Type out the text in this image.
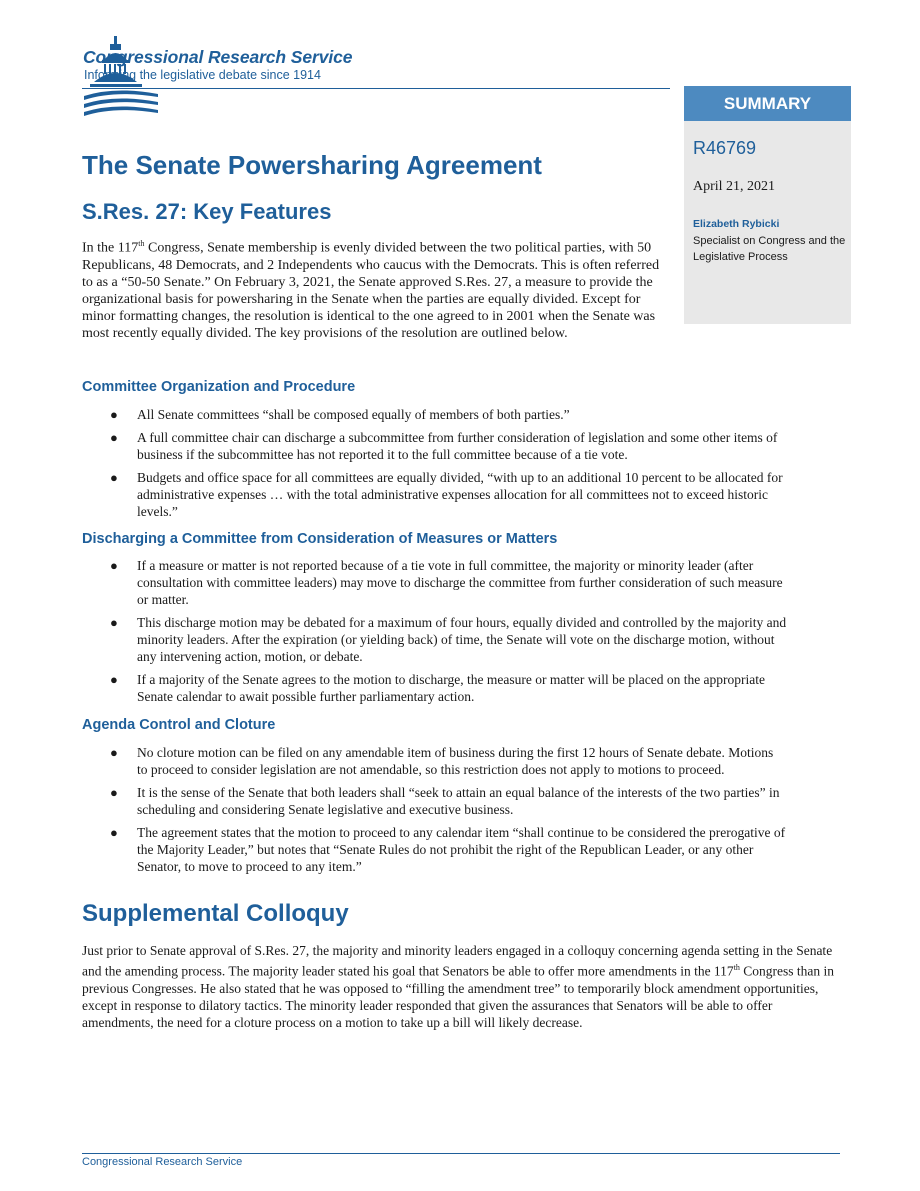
Congressional Research Service
Informing the legislative debate since 1914
SUMMARY
R46769
April 21, 2021
Elizabeth Rybicki
Specialist on Congress and the Legislative Process
The Senate Powersharing Agreement
S.Res. 27: Key Features

In the 117th Congress, Senate membership is evenly divided between the two political parties, with 50 Republicans, 48 Democrats, and 2 Independents who caucus with the Democrats. This is often referred to as a “50-50 Senate.” On February 3, 2021, the Senate approved S.Res. 27, a measure to provide the organizational basis for powersharing in the Senate when the parties are equally divided. Except for minor formatting changes, the resolution is identical to the one agreed to in 2001 when the Senate was most recently equally divided. The key provisions of the resolution are outlined below.

Committee Organization and Procedure
● All Senate committees “shall be composed equally of members of both parties.”
● A full committee chair can discharge a subcommittee from further consideration of legislation and some other items of business if the subcommittee has not reported it to the full committee because of a tie vote.
● Budgets and office space for all committees are equally divided, “with up to an additional 10 percent to be allocated for administrative expenses … with the total administrative expenses allocation for all committees not to exceed historic levels.”
Discharging a Committee from Consideration of Measures or Matters
● If a measure or matter is not reported because of a tie vote in full committee, the majority or minority leader (after consultation with committee leaders) may move to discharge the committee from further consideration of such measure or matter.
● This discharge motion may be debated for a maximum of four hours, equally divided and controlled by the majority and minority leaders. After the expiration (or yielding back) of time, the Senate will vote on the discharge motion, without any intervening action, motion, or debate.
● If a majority of the Senate agrees to the motion to discharge, the measure or matter will be placed on the appropriate Senate calendar to await possible further parliamentary action.
Agenda Control and Cloture
● No cloture motion can be filed on any amendable item of business during the first 12 hours of Senate debate. Motions to proceed to consider legislation are not amendable, so this restriction does not apply to motions to proceed.
● It is the sense of the Senate that both leaders shall “seek to attain an equal balance of the interests of the two parties” in scheduling and considering Senate legislative and executive business.
● The agreement states that the motion to proceed to any calendar item “shall continue to be considered the prerogative of the Majority Leader,” but notes that “Senate Rules do not prohibit the right of the Republican Leader, or any other Senator, to move to proceed to any item.”
Supplemental Colloquy

Just prior to Senate approval of S.Res. 27, the majority and minority leaders engaged in a colloquy concerning agenda setting in the Senate and the amending process. The majority leader stated his goal that Senators be able to offer more amendments in the 117th Congress than in previous Congresses. He also stated that he was opposed to “filling the amendment tree” to temporarily block amendment opportunities, except in response to dilatory tactics. The minority leader responded that given the assurances that Senators will be able to offer amendments, the need for a cloture process on a motion to take up a bill will likely decrease.

Congressional Research Service
